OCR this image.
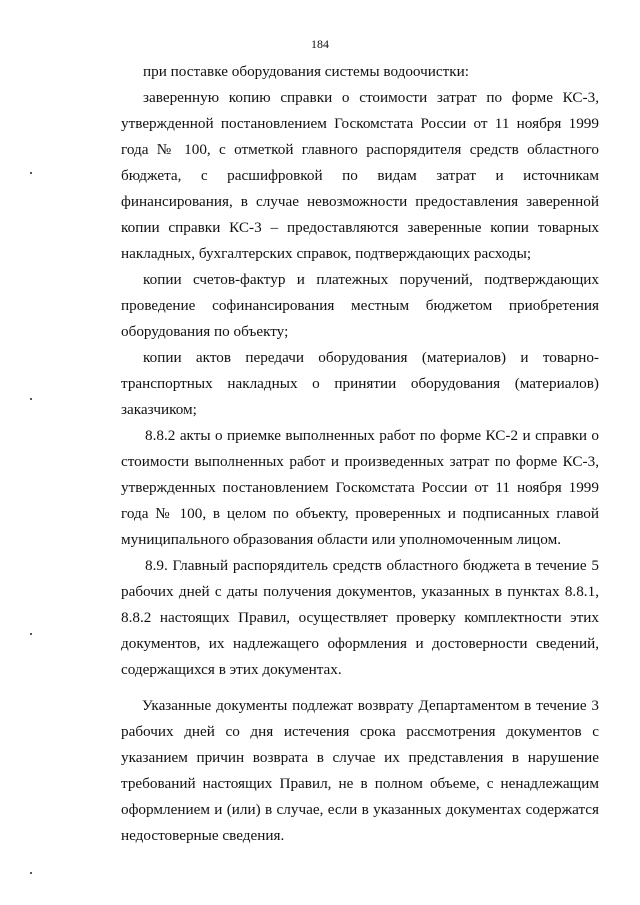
184

при поставке оборудования системы водоочистки:

заверенную копию справки о стоимости затрат по форме КС-3, утвержденной постановлением Госкомстата России от 11 ноября 1999 года № 100, с отметкой главного распорядителя средств областного бюджета, с расшифровкой по видам затрат и источникам финансирования, в случае невозможности предоставления заверенной копии справки КС-3 – предоставляются заверенные копии товарных накладных, бухгалтерских справок, подтверждающих расходы;

копии счетов-фактур и платежных поручений, подтверждающих проведение софинансирования местным бюджетом приобретения оборудования по объекту;

копии актов передачи оборудования (материалов) и товарно-транспортных накладных о принятии оборудования (материалов) заказчиком;

8.8.2 акты о приемке выполненных работ по форме КС-2 и справки о стоимости выполненных работ и произведенных затрат по форме КС-3, утвержденных постановлением Госкомстата России от 11 ноября 1999 года № 100, в целом по объекту, проверенных и подписанных главой муниципального образования области или уполномоченным лицом.

8.9. Главный распорядитель средств областного бюджета в течение 5 рабочих дней с даты получения документов, указанных в пунктах 8.8.1, 8.8.2 настоящих Правил, осуществляет проверку комплектности этих документов, их надлежащего оформления и достоверности сведений, содержащихся в этих документах.

Указанные документы подлежат возврату Департаментом в течение 3 рабочих дней со дня истечения срока рассмотрения документов с указанием причин возврата в случае их представления в нарушение требований настоящих Правил, не в полном объеме, с ненадлежащим оформлением и (или) в случае, если в указанных документах содержатся недостоверные сведения.
